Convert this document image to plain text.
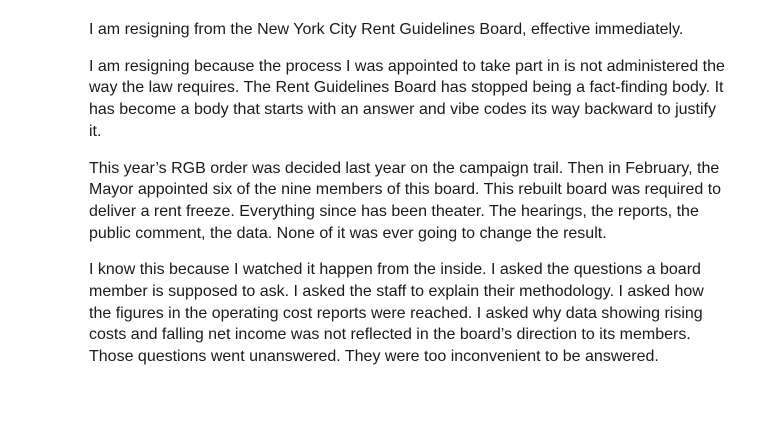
I am resigning from the New York City Rent Guidelines Board, effective immediately.

I am resigning because the process I was appointed to take part in is not administered the way the law requires. The Rent Guidelines Board has stopped being a fact-finding body. It has become a body that starts with an answer and vibe codes its way backward to justify it.

This year’s RGB order was decided last year on the campaign trail. Then in February, the Mayor appointed six of the nine members of this board. This rebuilt board was required to deliver a rent freeze. Everything since has been theater. The hearings, the reports, the public comment, the data. None of it was ever going to change the result.

I know this because I watched it happen from the inside. I asked the questions a board member is supposed to ask. I asked the staff to explain their methodology. I asked how the figures in the operating cost reports were reached. I asked why data showing rising costs and falling net income was not reflected in the board’s direction to its members. Those questions went unanswered. They were too inconvenient to be answered.
